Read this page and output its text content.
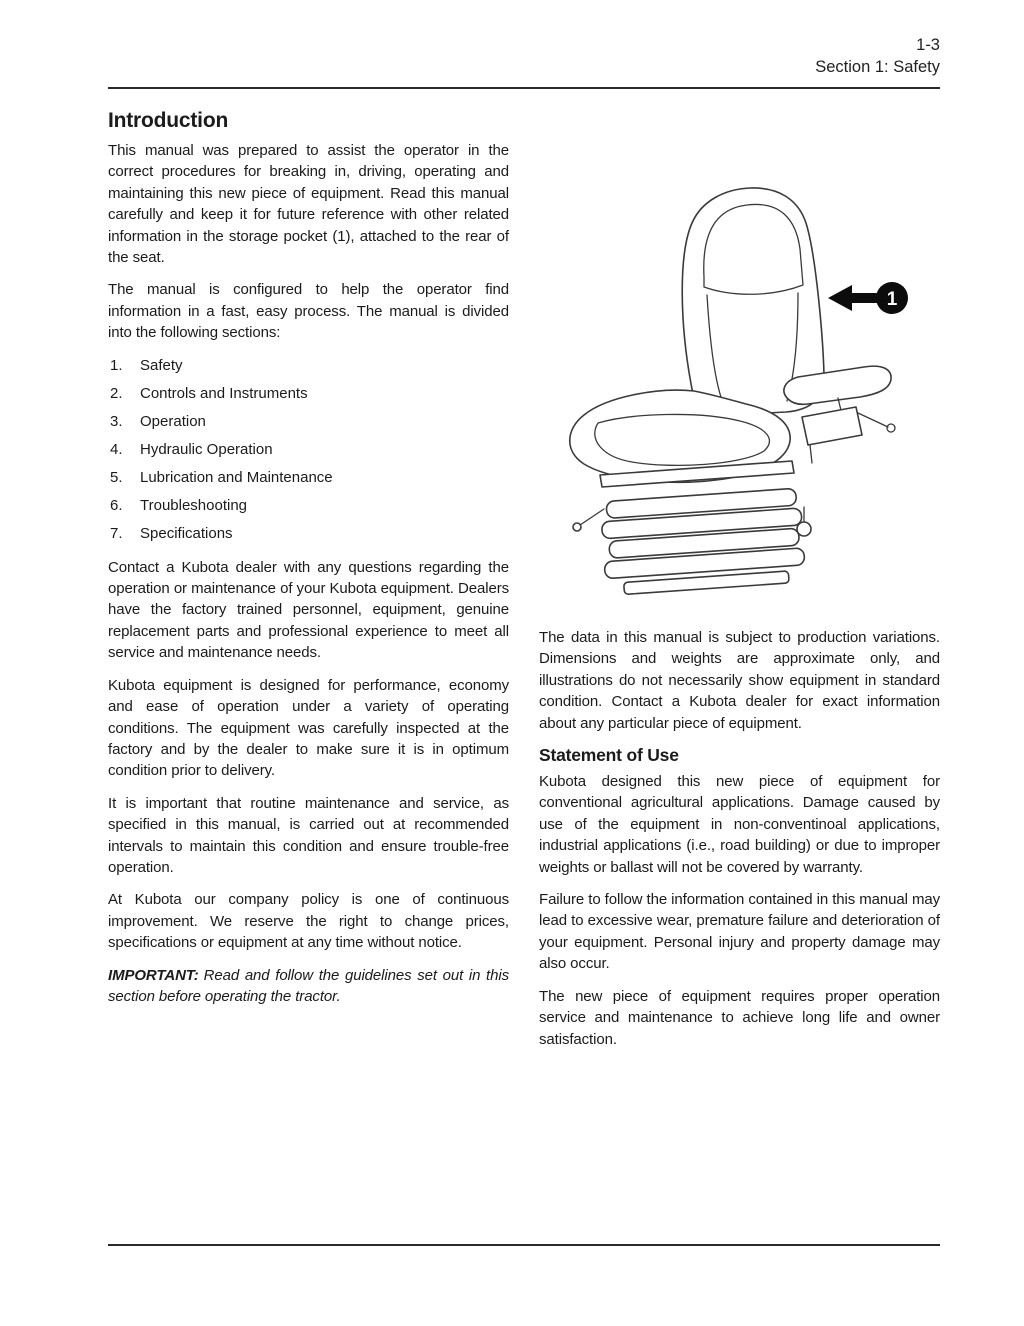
1-3
Section 1: Safety
Introduction

This manual was prepared to assist the operator in the correct procedures for breaking in, driving, operating and maintaining this new piece of equipment. Read this manual carefully and keep it for future reference with other related information in the storage pocket (1), attached to the rear of the seat.

The manual is configured to help the operator find information in a fast, easy process. The manual is divided into the following sections:

1.	Safety
2.	Controls and Instruments
3.	Operation
4.	Hydraulic Operation
5.	Lubrication and Maintenance
6.	Troubleshooting
7.	Specifications

Contact a Kubota dealer with any questions regarding the operation or maintenance of your Kubota equipment. Dealers have the factory trained personnel, equipment, genuine replacement parts and professional experience to meet all service and maintenance needs.

Kubota equipment is designed for performance, economy and ease of operation under a variety of operating conditions. The equipment was carefully inspected at the factory and by the dealer to make sure it is in optimum condition prior to delivery.

It is important that routine maintenance and service, as specified in this manual, is carried out at recommended intervals to maintain this condition and ensure trouble-free operation.

At Kubota our company policy is one of continuous improvement. We reserve the right to change prices, specifications or equipment at any time without notice.

IMPORTANT: Read and follow the guidelines set out in this section before operating the tractor.

1

The data in this manual is subject to production variations. Dimensions and weights are approximate only, and illustrations do not necessarily show equipment in standard condition. Contact a Kubota dealer for exact information about any particular piece of equipment.

Statement of Use

Kubota designed this new piece of equipment for conventional agricultural applications. Damage caused by use of the equipment in non-conventinoal applications, industrial applications (i.e., road building) or due to improper weights or ballast will not be covered by warranty.

Failure to follow the information contained in this manual may lead to excessive wear, premature failure and deterioration of your equipment. Personal injury and property damage may also occur.

The new piece of equipment requires proper operation service and maintenance to achieve long life and owner satisfaction.
